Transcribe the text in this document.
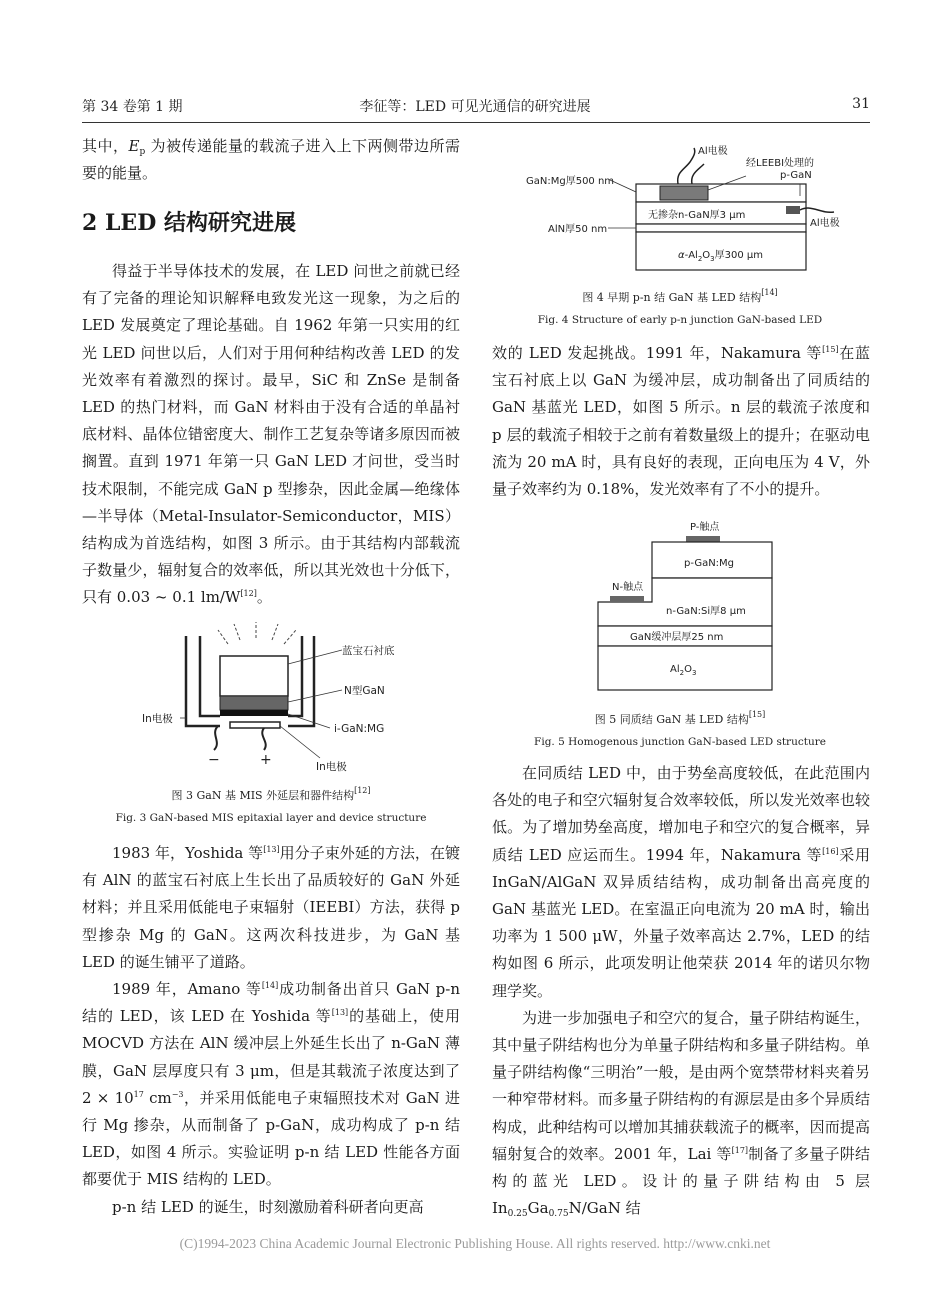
第 34 卷第 1 期	李征等：LED 可见光通信的研究进展	31

其中，$E_p$ 为被传递能量的载流子进入上下两侧带边所需要的能量。

2 LED 结构研究进展

得益于半导体技术的发展，在 LED 问世之前就已经有了完备的理论知识解释电致发光这一现象，为之后的 LED 发展奠定了理论基础。自 1962 年第一只实用的红光 LED 问世以后，人们对于用何种结构改善 LED 的发光效率有着激烈的探讨。最早，SiC 和 ZnSe 是制备 LED 的热门材料，而 GaN 材料由于没有合适的单晶衬底材料、晶体位错密度大、制作工艺复杂等诸多原因而被搁置。直到 1971 年第一只 GaN LED 才问世，受当时技术限制，不能完成 GaN p 型掺杂，因此金属—绝缘体—半导体（Metal-Insulator-Semiconductor，MIS）结构成为首选结构，如图 3 所示。由于其结构内部载流子数量少，辐射复合的效率低，所以其光效也十分低下，只有 0.03 ~ 0.1 lm/W[12]。

蓝宝石衬底
N型GaN
i-GaN:MG
In电极
In电极
−	+
图 3 GaN 基 MIS 外延层和器件结构[12]
Fig. 3 GaN-based MIS epitaxial layer and device structure

1983 年，Yoshida 等[13]用分子束外延的方法，在镀有 AlN 的蓝宝石衬底上生长出了品质较好的 GaN 外延材料；并且采用低能电子束辐射（IEEBI）方法，获得 p 型掺杂 Mg 的 GaN。这两次科技进步，为 GaN 基 LED 的诞生铺平了道路。

1989 年，Amano 等[14]成功制备出首只 GaN p-n 结的 LED，该 LED 在 Yoshida 等[13]的基础上，使用 MOCVD 方法在 AlN 缓冲层上外延生长出了 n-GaN 薄膜，GaN 层厚度只有 3 μm，但是其载流子浓度达到了 $2 \times 10^{17}$ $cm^{-3}$，并采用低能电子束辐照技术对 GaN 进行 Mg 掺杂，从而制备了 p-GaN，成功构成了 p-n 结 LED，如图 4 所示。实验证明 p-n 结 LED 性能各方面都要优于 MIS 结构的 LED。

p-n 结 LED 的诞生，时刻激励着科研者向更高

Al电极
经LEEBI处理的
p-GaN
GaN:Mg厚500 nm
无掺杂n-GaN厚3 μm
Al电极
AlN厚50 nm
$\alpha-Al_2O_3$厚300 μm
图 4 早期 p-n 结 GaN 基 LED 结构[14]
Fig. 4 Structure of early p-n junction GaN-based LED

效的 LED 发起挑战。1991 年，Nakamura 等[15]在蓝宝石衬底上以 GaN 为缓冲层，成功制备出了同质结的 GaN 基蓝光 LED，如图 5 所示。n 层的载流子浓度和 p 层的载流子相较于之前有着数量级上的提升；在驱动电流为 20 mA 时，具有良好的表现，正向电压为 4 V，外量子效率约为 0.18%，发光效率有了不小的提升。

P-触点
p-GaN:Mg
N-触点
n-GaN:Si厚8 μm
GaN缓冲层厚25 nm
$Al_2O_3$
图 5 同质结 GaN 基 LED 结构[15]
Fig. 5 Homogenous junction GaN-based LED structure

在同质结 LED 中，由于势垒高度较低，在此范围内各处的电子和空穴辐射复合效率较低，所以发光效率也较低。为了增加势垒高度，增加电子和空穴的复合概率，异质结 LED 应运而生。1994 年，Nakamura 等[16]采用 InGaN/AlGaN 双异质结结构，成功制备出高亮度的 GaN 基蓝光 LED。在室温正向电流为 20 mA 时，输出功率为 1 500 μW，外量子效率高达 2.7%，LED 的结构如图 6 所示，此项发明让他荣获 2014 年的诺贝尔物理学奖。

为进一步加强电子和空穴的复合，量子阱结构诞生，其中量子阱结构也分为单量子阱结构和多量子阱结构。单量子阱结构像“三明治”一般，是由两个宽禁带材料夹着另一种窄带材料。而多量子阱结构的有源层是由多个异质结构成，此种结构可以增加其捕获载流子的概率，因而提高辐射复合的效率。2001 年，Lai 等[17]制备了多量子阱结构的蓝光 LED。设计的量子阱结构由 5 层 $In_{0.25}Ga_{0.75}N$/GaN 结

(C)1994-2023 China Academic Journal Electronic Publishing House. All rights reserved. http://www.cnki.net
